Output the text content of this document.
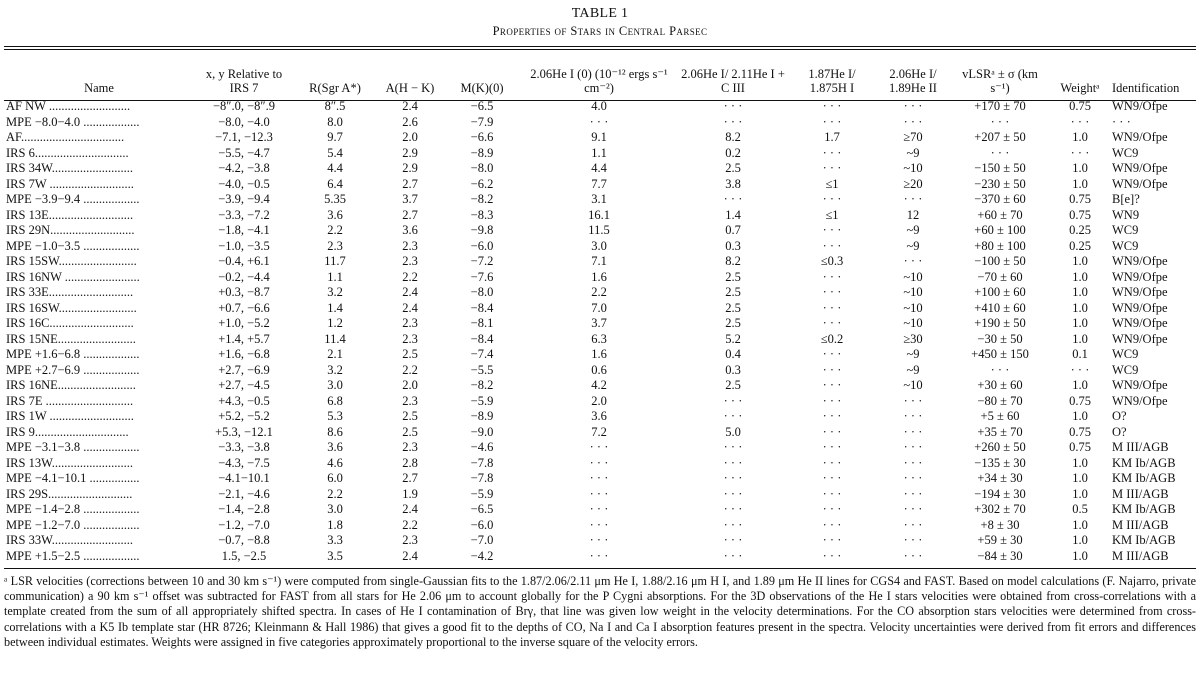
TABLE 1
Properties of Stars in Central Parsec
Name	x, y Relative to IRS 7	R(Sgr A*)	A(H − K)	M(K)(0)	2.06He I (0) (10⁻¹² ergs s⁻¹ cm⁻²)	2.06He I/ 2.11He I + C III	1.87He I/ 1.875H I	2.06He I/ 1.89He II	vLSRᵃ ± σ (km s⁻¹)	Weightᵃ	Identification
AF NW ..........................	−8″.0, −8″.9	8″.5	2.4	−6.5	4.0	· · ·	· · ·	· · ·	+170 ± 70	0.75	WN9/Ofpe
MPE −8.0−4.0 ..................	−8.0, −4.0	8.0	2.6	−7.9	· · ·	· · ·	· · ·	· · ·	· · ·	· · ·	· · ·
AF.................................	−7.1, −12.3	9.7	2.0	−6.6	9.1	8.2	1.7	≥70	+207 ± 50	1.0	WN9/Ofpe
IRS 6..............................	−5.5, −4.7	5.4	2.9	−8.9	1.1	0.2	· · ·	~9	· · ·	· · ·	WC9
IRS 34W..........................	−4.2, −3.8	4.4	2.9	−8.0	4.4	2.5	· · ·	~10	−150 ± 50	1.0	WN9/Ofpe
IRS 7W ...........................	−4.0, −0.5	6.4	2.7	−6.2	7.7	3.8	≤1	≥20	−230 ± 50	1.0	WN9/Ofpe
MPE −3.9−9.4 ..................	−3.9, −9.4	5.35	3.7	−8.2	3.1	· · ·	· · ·	· · ·	−370 ± 60	0.75	B[e]?
IRS 13E...........................	−3.3, −7.2	3.6	2.7	−8.3	16.1	1.4	≤1	12	+60 ± 70	0.75	WN9
IRS 29N...........................	−1.8, −4.1	2.2	3.6	−9.8	11.5	0.7	· · ·	~9	+60 ± 100	0.25	WC9
MPE −1.0−3.5 ..................	−1.0, −3.5	2.3	2.3	−6.0	3.0	0.3	· · ·	~9	+80 ± 100	0.25	WC9
IRS 15SW.........................	−0.4, +6.1	11.7	2.3	−7.2	7.1	8.2	≤0.3	· · ·	−100 ± 50	1.0	WN9/Ofpe
IRS 16NW ........................	−0.2, −4.4	1.1	2.2	−7.6	1.6	2.5	· · ·	~10	−70 ± 60	1.0	WN9/Ofpe
IRS 33E...........................	+0.3, −8.7	3.2	2.4	−8.0	2.2	2.5	· · ·	~10	+100 ± 60	1.0	WN9/Ofpe
IRS 16SW.........................	+0.7, −6.6	1.4	2.4	−8.4	7.0	2.5	· · ·	~10	+410 ± 60	1.0	WN9/Ofpe
IRS 16C...........................	+1.0, −5.2	1.2	2.3	−8.1	3.7	2.5	· · ·	~10	+190 ± 50	1.0	WN9/Ofpe
IRS 15NE.........................	+1.4, +5.7	11.4	2.3	−8.4	6.3	5.2	≤0.2	≥30	−30 ± 50	1.0	WN9/Ofpe
MPE +1.6−6.8 ..................	+1.6, −6.8	2.1	2.5	−7.4	1.6	0.4	· · ·	~9	+450 ± 150	0.1	WC9
MPE +2.7−6.9 ..................	+2.7, −6.9	3.2	2.2	−5.5	0.6	0.3	· · ·	~9	· · ·	· · ·	WC9
IRS 16NE.........................	+2.7, −4.5	3.0	2.0	−8.2	4.2	2.5	· · ·	~10	+30 ± 60	1.0	WN9/Ofpe
IRS 7E ............................	+4.3, −0.5	6.8	2.3	−5.9	2.0	· · ·	· · ·	· · ·	−80 ± 70	0.75	WN9/Ofpe
IRS 1W ...........................	+5.2, −5.2	5.3	2.5	−8.9	3.6	· · ·	· · ·	· · ·	+5 ± 60	1.0	O?
IRS 9..............................	+5.3, −12.1	8.6	2.5	−9.0	7.2	5.0	· · ·	· · ·	+35 ± 70	0.75	O?
MPE −3.1−3.8 ..................	−3.3, −3.8	3.6	2.3	−4.6	· · ·	· · ·	· · ·	· · ·	+260 ± 50	0.75	M III/AGB
IRS 13W..........................	−4.3, −7.5	4.6	2.8	−7.8	· · ·	· · ·	· · ·	· · ·	−135 ± 30	1.0	KM Ib/AGB
MPE −4.1−10.1 ................	−4.1−10.1	6.0	2.7	−7.8	· · ·	· · ·	· · ·	· · ·	+34 ± 30	1.0	KM Ib/AGB
IRS 29S...........................	−2.1, −4.6	2.2	1.9	−5.9	· · ·	· · ·	· · ·	· · ·	−194 ± 30	1.0	M III/AGB
MPE −1.4−2.8 ..................	−1.4, −2.8	3.0	2.4	−6.5	· · ·	· · ·	· · ·	· · ·	+302 ± 70	0.5	KM Ib/AGB
MPE −1.2−7.0 ..................	−1.2, −7.0	1.8	2.2	−6.0	· · ·	· · ·	· · ·	· · ·	+8 ± 30	1.0	M III/AGB
IRS 33W..........................	−0.7, −8.8	3.3	2.3	−7.0	· · ·	· · ·	· · ·	· · ·	+59 ± 30	1.0	KM Ib/AGB
MPE +1.5−2.5 ..................	1.5, −2.5	3.5	2.4	−4.2	· · ·	· · ·	· · ·	· · ·	−84 ± 30	1.0	M III/AGB
ᵃ LSR velocities (corrections between 10 and 30 km s⁻¹) were computed from single-Gaussian fits to the 1.87/2.06/2.11 μm He I, 1.88/2.16 μm H I, and 1.89 μm He II lines for CGS4 and FAST. Based on model calculations (F. Najarro, private communication) a 90 km s⁻¹ offset was subtracted for FAST from all stars for He 2.06 μm to account globally for the P Cygni absorptions. For the 3D observations of the He I stars velocities were obtained from cross-correlations with a template created from the sum of all appropriately shifted spectra. In cases of He I contamination of Brγ, that line was given low weight in the velocity determinations. For the CO absorption stars velocities were determined from cross-correlations with a K5 Ib template star (HR 8726; Kleinmann & Hall 1986) that gives a good fit to the depths of CO, Na I and Ca I absorption features present in the spectra. Velocity uncertainties were derived from fit errors and differences between individual estimates. Weights were assigned in five categories approximately proportional to the inverse square of the velocity errors.
